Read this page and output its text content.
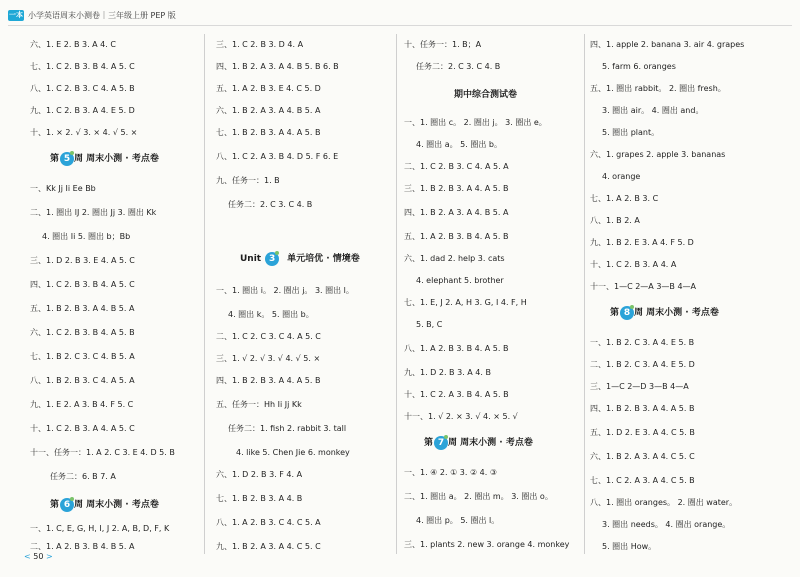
一本 小学英语周末小测卷｜三年级上册 PEP 版
六、1. E 2. B 3. A 4. C
七、1. C 2. B 3. B 4. A 5. C
八、1. C 2. B 3. C 4. A 5. B
九、1. C 2. B 3. A 4. E 5. D
十、1. × 2. √ 3. × 4. √ 5. ×
第 5 周 周末小测 · 考点卷
一、Kk Jj Ii Ee Bb
二、1. 圈出 lJ 2. 圈出 Jj 3. 圈出 Kk
4. 圈出 Ii 5. 圈出 b；Bb
三、1. D 2. B 3. E 4. A 5. C
四、1. C 2. B 3. B 4. A 5. C
五、1. B 2. B 3. A 4. B 5. A
六、1. C 2. B 3. B 4. A 5. B
七、1. B 2. C 3. C 4. B 5. A
八、1. B 2. B 3. C 4. A 5. A
九、1. E 2. A 3. B 4. F 5. C
十、1. C 2. B 3. A 4. A 5. C
十一、任务一：1. A 2. C 3. E 4. D 5. B
任务二：6. B 7. A
第 6 周 周末小测 · 考点卷
一、1. C, E, G, H, I, J 2. A, B, D, F, K
二、1. A 2. B 3. B 4. B 5. A
三、1. C 2. B 3. D 4. A
四、1. B 2. A 3. A 4. B 5. B 6. B
五、1. A 2. B 3. E 4. C 5. D
六、1. B 2. A 3. A 4. B 5. A
七、1. B 2. B 3. A 4. A 5. B
八、1. C 2. A 3. B 4. D 5. F 6. E
九、任务一：1. B
任务二：2. C 3. C 4. B
Unit 3 单元培优 · 情境卷
一、1. 圈出 i。 2. 圈出 j。 3. 圈出 l。
4. 圈出 k。 5. 圈出 b。
二、1. C 2. C 3. C 4. A 5. C
三、1. √ 2. √ 3. √ 4. √ 5. ×
四、1. B 2. B 3. A 4. A 5. B
五、任务一：Hh Ii Jj Kk
任务二：1. fish 2. rabbit 3. tall
4. like 5. Chen Jie 6. monkey
六、1. D 2. B 3. F 4. A
七、1. B 2. B 3. A 4. B
八、1. A 2. B 3. C 4. C 5. A
九、1. B 2. A 3. A 4. C 5. C
十、任务一：1. B；A
任务二：2. C 3. C 4. B
期中综合测试卷
一、1. 圈出 c。 2. 圈出 j。 3. 圈出 e。
4. 圈出 a。 5. 圈出 b。
二、1. C 2. B 3. C 4. A 5. A
三、1. B 2. B 3. A 4. A 5. B
四、1. B 2. A 3. A 4. B 5. A
五、1. A 2. B 3. B 4. A 5. B
六、1. dad 2. help 3. cats
4. elephant 5. brother
七、1. E, J 2. A, H 3. G, I 4. F, H
5. B, C
八、1. A 2. B 3. B 4. A 5. B
九、1. D 2. B 3. A 4. B
十、1. C 2. A 3. B 4. A 5. B
十一、1. √ 2. × 3. √ 4. × 5. √
第 7 周 周末小测 · 考点卷
一、1. ④ 2. ① 3. ② 4. ③
二、1. 圈出 a。 2. 圈出 m。 3. 圈出 o。
4. 圈出 p。 5. 圈出 l。
三、1. plants 2. new 3. orange 4. monkey
四、1. apple 2. banana 3. air 4. grapes
5. farm 6. oranges
五、1. 圈出 rabbit。 2. 圈出 fresh。
3. 圈出 air。 4. 圈出 and。
5. 圈出 plant。
六、1. grapes 2. apple 3. bananas
4. orange
七、1. A 2. B 3. C
八、1. B 2. A
九、1. B 2. E 3. A 4. F 5. D
十、1. C 2. B 3. A 4. A
十一、1—C 2—A 3—B 4—A
第 8 周 周末小测 · 考点卷
一、1. B 2. C 3. A 4. E 5. B
二、1. B 2. C 3. A 4. E 5. D
三、1—C 2—D 3—B 4—A
四、1. B 2. B 3. A 4. A 5. B
五、1. D 2. E 3. A 4. C 5. B
六、1. B 2. A 3. A 4. C 5. C
七、1. C 2. A 3. A 4. C 5. B
八、1. 圈出 oranges。 2. 圈出 water。
3. 圈出 needs。 4. 圈出 orange。
5. 圈出 How。
< 50 >
